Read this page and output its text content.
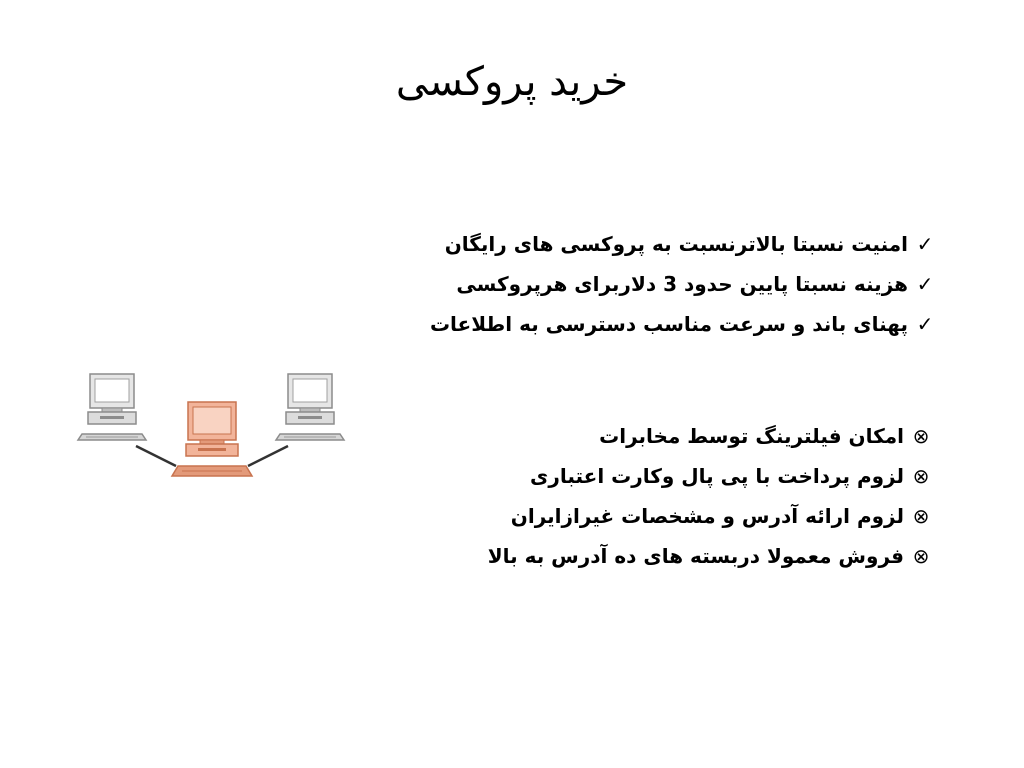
خرید پروکسی
✓
امنیت نسبتا بالاترنسبت به پروکسی های رایگان
✓
هزینه نسبتا پایین حدود 3 دلاربرای هرپروکسی
✓
پهنای باند و سرعت مناسب دسترسی به اطلاعات
⊗
امکان فیلترینگ توسط مخابرات
⊗
لزوم پرداخت با پی پال وکارت اعتباری
⊗
لزوم ارائه آدرس و مشخصات غیرازایران
⊗
فروش معمولا دربسته های ده آدرس به بالا
